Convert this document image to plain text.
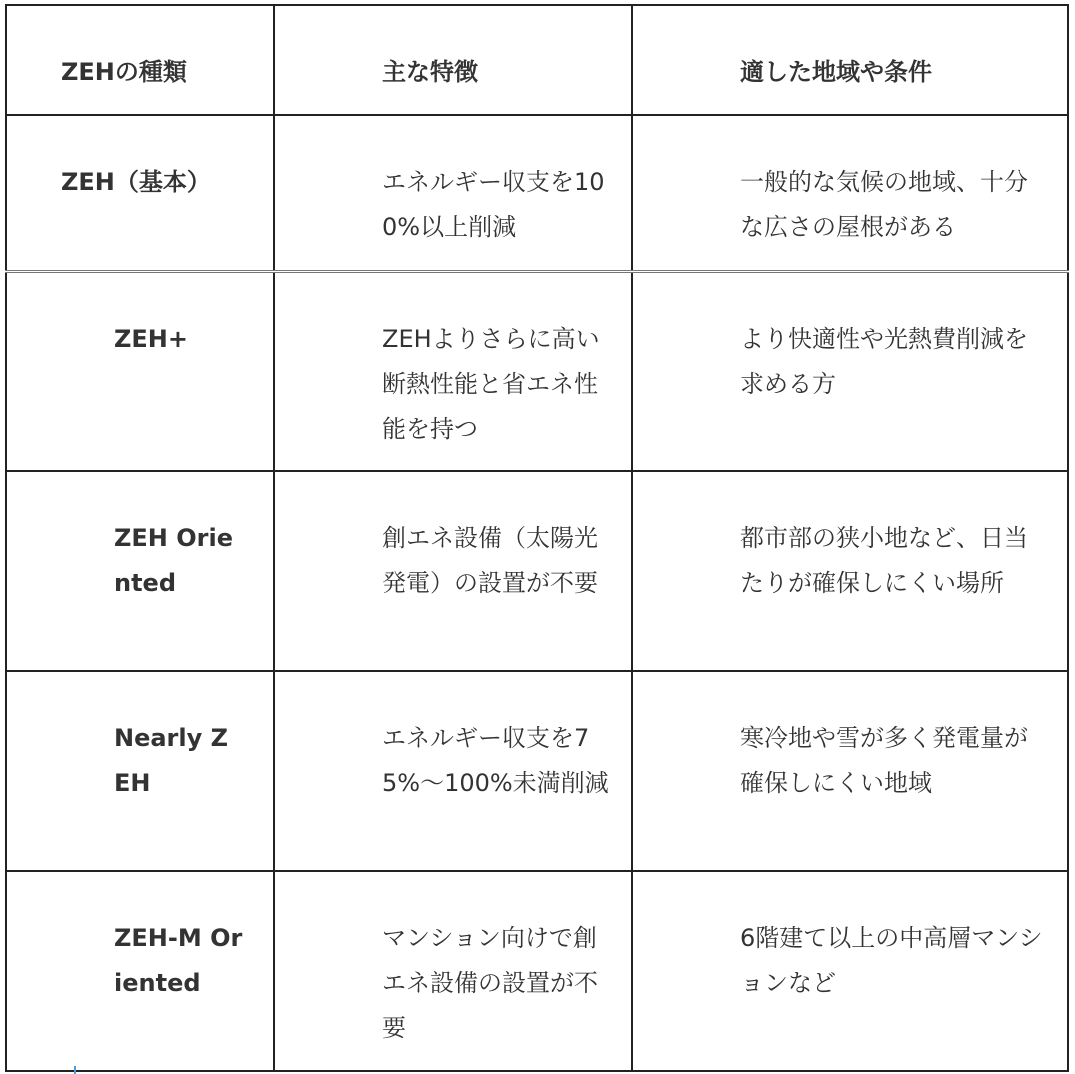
ZEHの種類	主な特徴	適した地域や条件

ZEH（基本）	エネルギー収支を100%以上削減	一般的な気候の地域、十分な広さの屋根がある

ZEH+	ZEHよりさらに高い断熱性能と省エネ性能を持つ	より快適性や光熱費削減を求める方

ZEH Oriented	創エネ設備（太陽光発電）の設置が不要	都市部の狭小地など、日当たりが確保しにくい場所

Nearly ZEH	エネルギー収支を75%～100%未満削減	寒冷地や雪が多く発電量が確保しにくい地域

ZEH-M Oriented	マンション向けで創エネ設備の設置が不要	6階建て以上の中高層マンションなど
